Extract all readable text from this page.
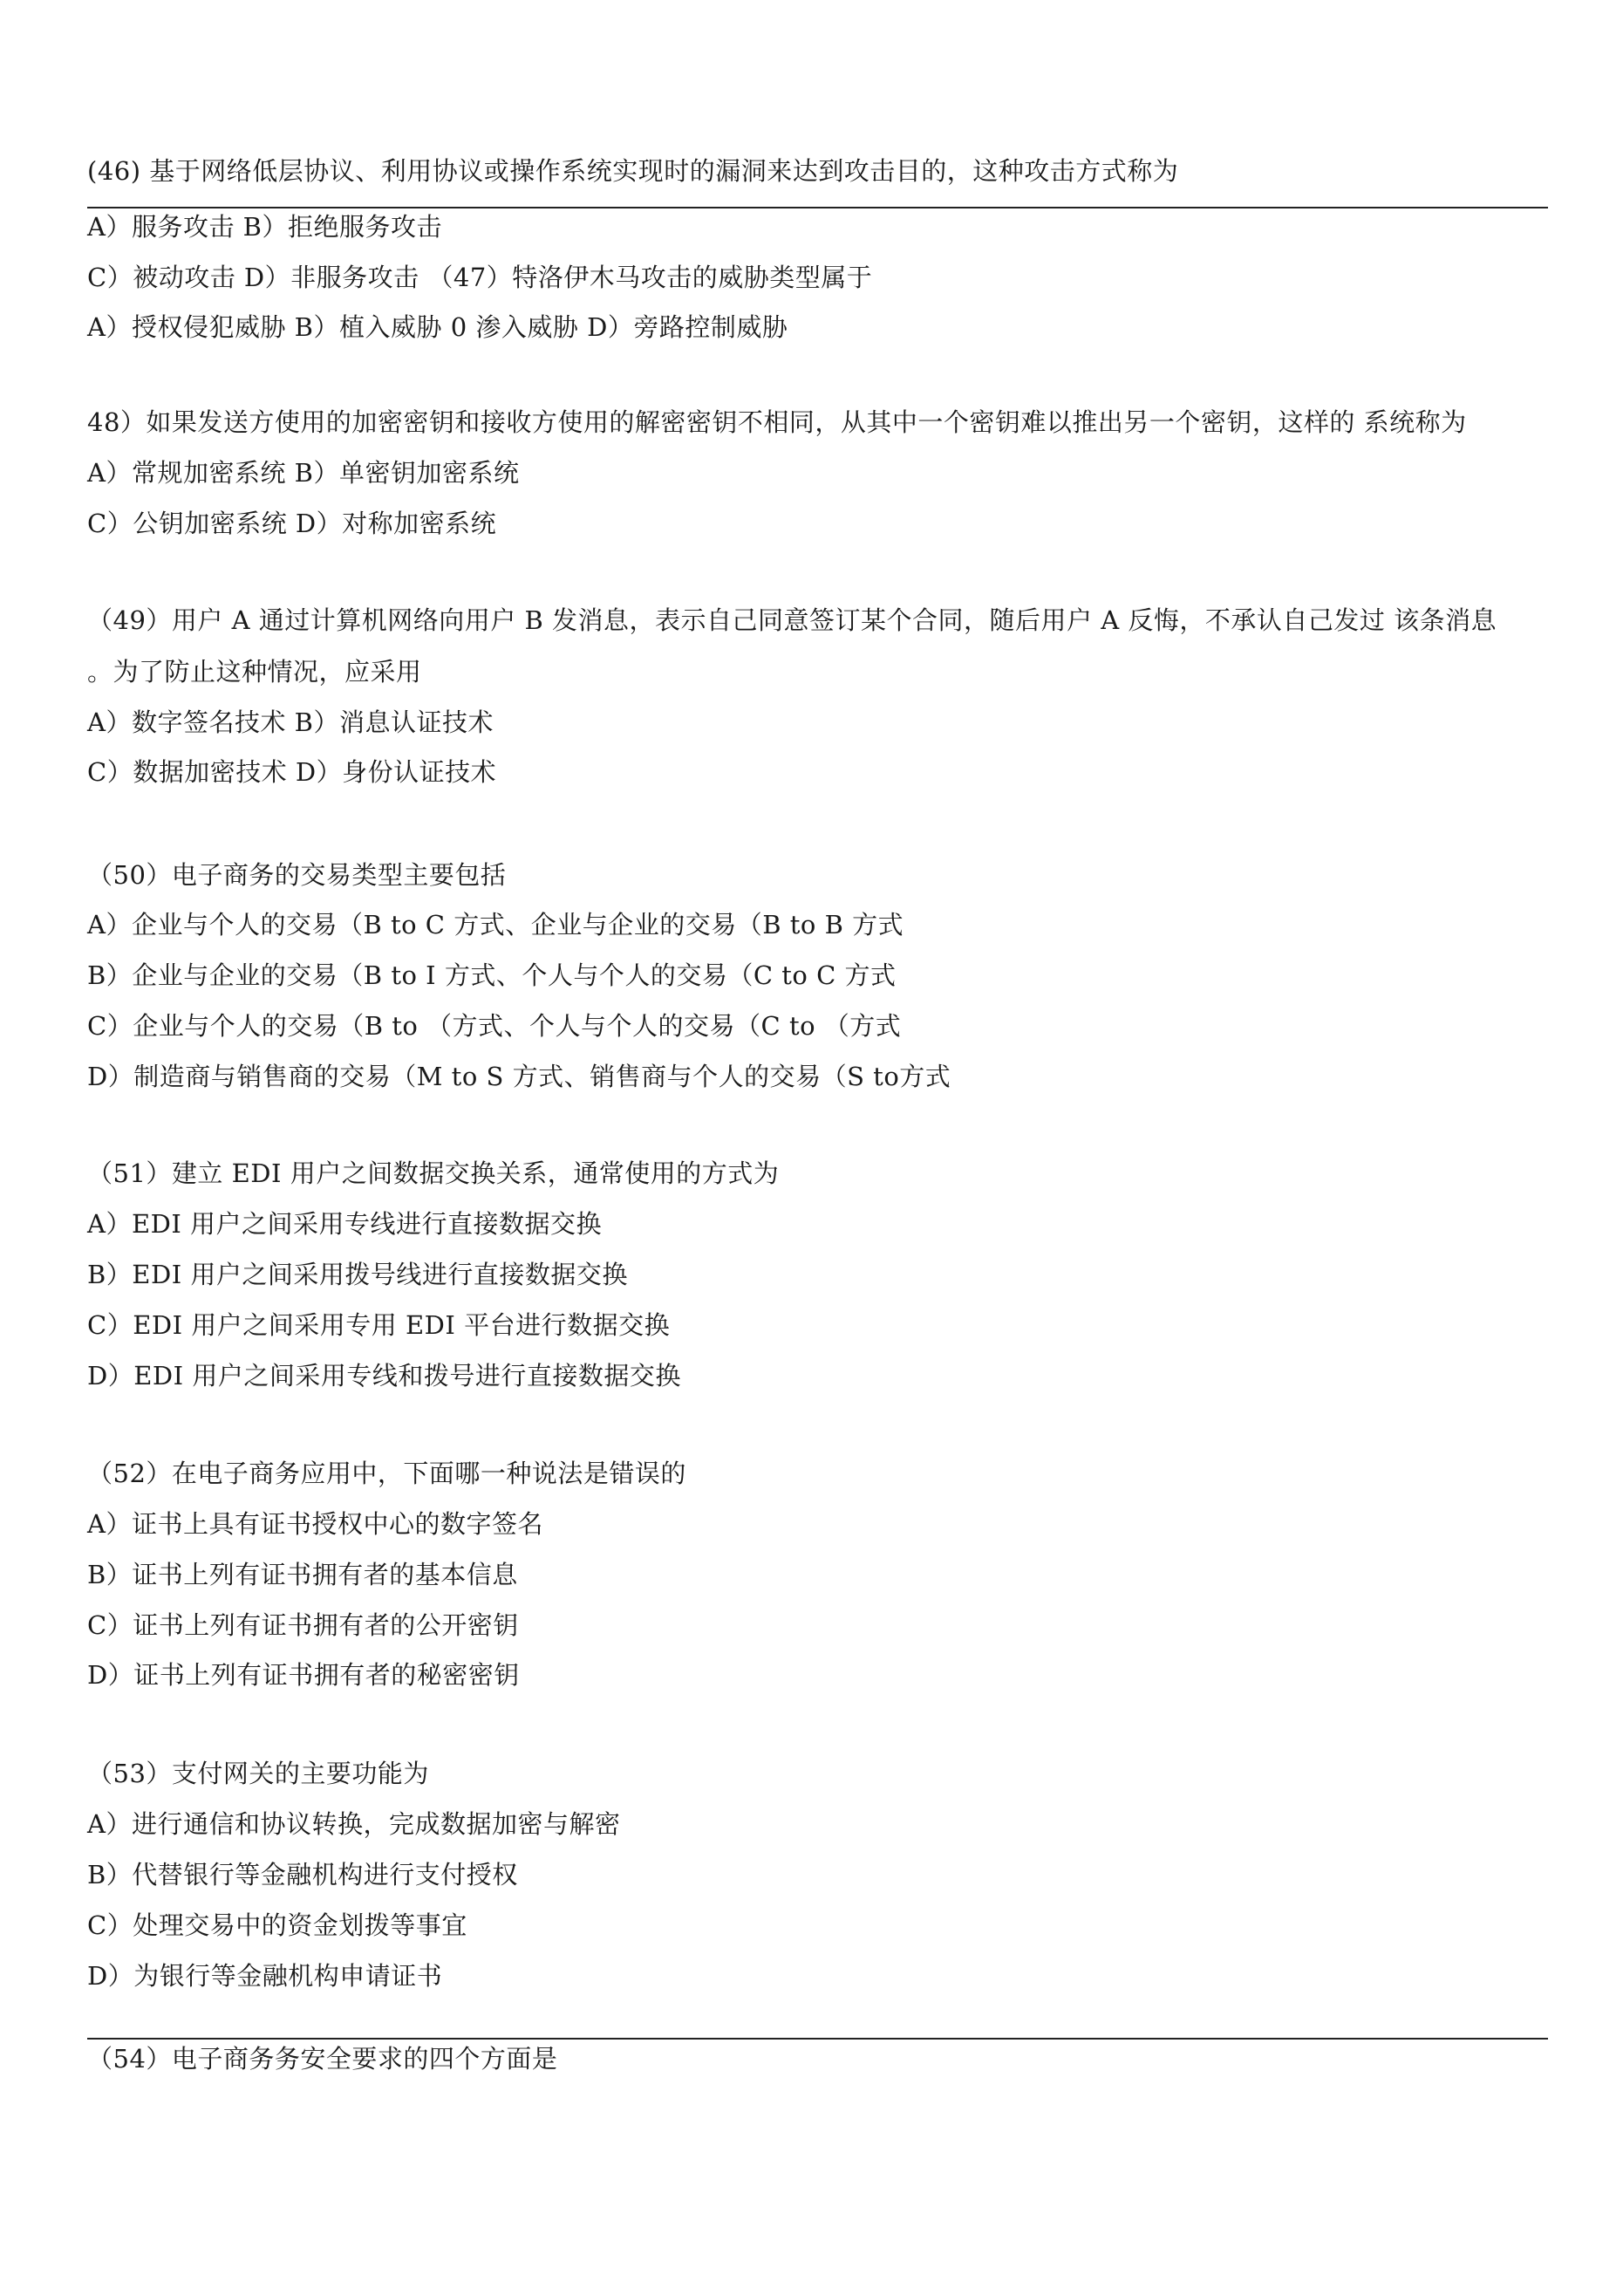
(46) 基于网络低层协议、利用协议或操作系统实现时的漏洞来达到攻击目的，这种攻击方式称为
A）服务攻击 B）拒绝服务攻击
C）被动攻击 D）非服务攻击 （47）特洛伊木马攻击的威胁类型属于
A）授权侵犯威胁 B）植入威胁 0 渗入威胁 D）旁路控制威胁
48）如果发送方使用的加密密钥和接收方使用的解密密钥不相同，从其中一个密钥难以推出另一个密钥，这样的 系统称为
A）常规加密系统 B）单密钥加密系统
C）公钥加密系统 D）对称加密系统
（49）用户 A 通过计算机网络向用户 B 发消息，表示自己同意签订某个合同，随后用户 A 反悔，不承认自己发过 该条消息
。为了防止这种情况，应采用
A）数字签名技术 B）消息认证技术
C）数据加密技术 D）身份认证技术
（50）电子商务的交易类型主要包括
A）企业与个人的交易（B to C 方式、企业与企业的交易（B to B 方式
B）企业与企业的交易（B to I 方式、个人与个人的交易（C to C 方式
C）企业与个人的交易（B to （方式、个人与个人的交易（C to （方式
D）制造商与销售商的交易（M to S 方式、销售商与个人的交易（S to方式
（51）建立 EDI 用户之间数据交换关系，通常使用的方式为
A）EDI 用户之间采用专线进行直接数据交换
B）EDI 用户之间采用拨号线进行直接数据交换
C）EDI 用户之间采用专用 EDI 平台进行数据交换
D）EDI 用户之间采用专线和拨号进行直接数据交换
（52）在电子商务应用中，下面哪一种说法是错误的
A）证书上具有证书授权中心的数字签名
B）证书上列有证书拥有者的基本信息
C）证书上列有证书拥有者的公开密钥
D）证书上列有证书拥有者的秘密密钥
（53）支付网关的主要功能为
A）进行通信和协议转换，完成数据加密与解密
B）代替银行等金融机构进行支付授权
C）处理交易中的资金划拨等事宜
D）为银行等金融机构申请证书
（54）电子商务务安全要求的四个方面是
